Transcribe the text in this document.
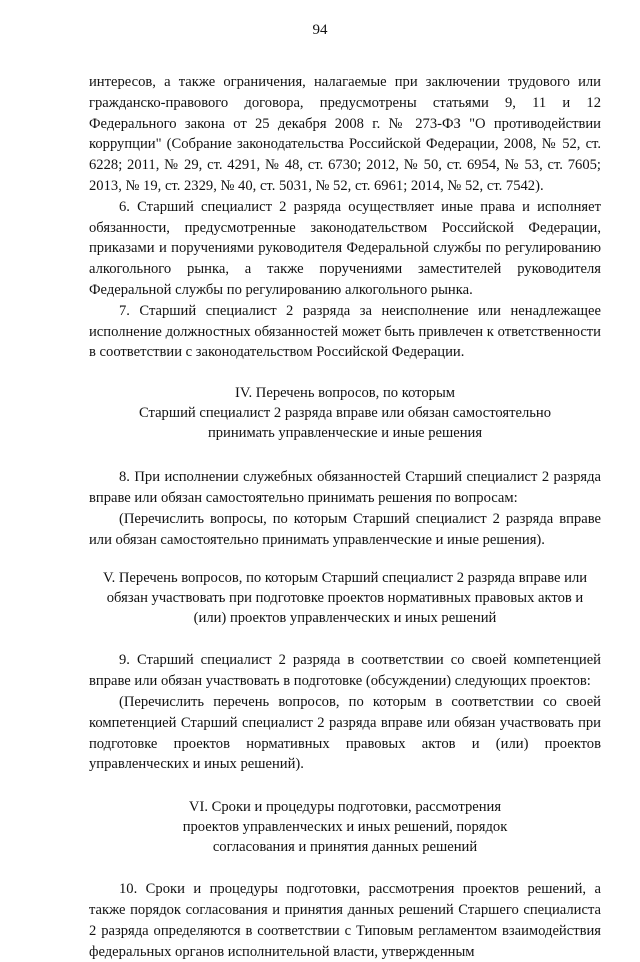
94

интересов, а также ограничения, налагаемые при заключении трудового или гражданско-правового договора, предусмотрены статьями 9, 11 и 12 Федерального закона от 25 декабря 2008 г. № 273-ФЗ "О противодействии коррупции" (Собрание законодательства Российской Федерации, 2008, № 52, ст. 6228; 2011, № 29, ст. 4291, № 48, ст. 6730; 2012, № 50, ст. 6954, № 53, ст. 7605; 2013, № 19, ст. 2329, № 40, ст. 5031, № 52, ст. 6961; 2014, № 52, ст. 7542).

6. Старший специалист 2 разряда осуществляет иные права и исполняет обязанности, предусмотренные законодательством Российской Федерации, приказами и поручениями руководителя Федеральной службы по регулированию алкогольного рынка, а также поручениями заместителей руководителя Федеральной службы по регулированию алкогольного рынка.

7. Старший специалист 2 разряда за неисполнение или ненадлежащее исполнение должностных обязанностей может быть привлечен к ответственности в соответствии с законодательством Российской Федерации.

IV. Перечень вопросов, по которым
Старший специалист 2 разряда вправе или обязан самостоятельно
принимать управленческие и иные решения

8. При исполнении служебных обязанностей Старший специалист 2 разряда вправе или обязан самостоятельно принимать решения по вопросам:

(Перечислить вопросы, по которым Старший специалист 2 разряда вправе или обязан самостоятельно принимать управленческие и иные решения).

V. Перечень вопросов, по которым Старший специалист 2 разряда вправе или
обязан участвовать при подготовке проектов нормативных правовых актов и
(или) проектов управленческих и иных решений

9. Старший специалист 2 разряда в соответствии со своей компетенцией вправе или обязан участвовать в подготовке (обсуждении) следующих проектов:

(Перечислить перечень вопросов, по которым в соответствии со своей компетенцией Старший специалист 2 разряда вправе или обязан участвовать при подготовке проектов нормативных правовых актов и (или) проектов управленческих и иных решений).

VI. Сроки и процедуры подготовки, рассмотрения
проектов управленческих и иных решений, порядок
согласования и принятия данных решений

10. Сроки и процедуры подготовки, рассмотрения проектов решений, а также порядок согласования и принятия данных решений Старшего специалиста 2 разряда определяются в соответствии с Типовым регламентом взаимодействия федеральных органов исполнительной власти, утвержденным
